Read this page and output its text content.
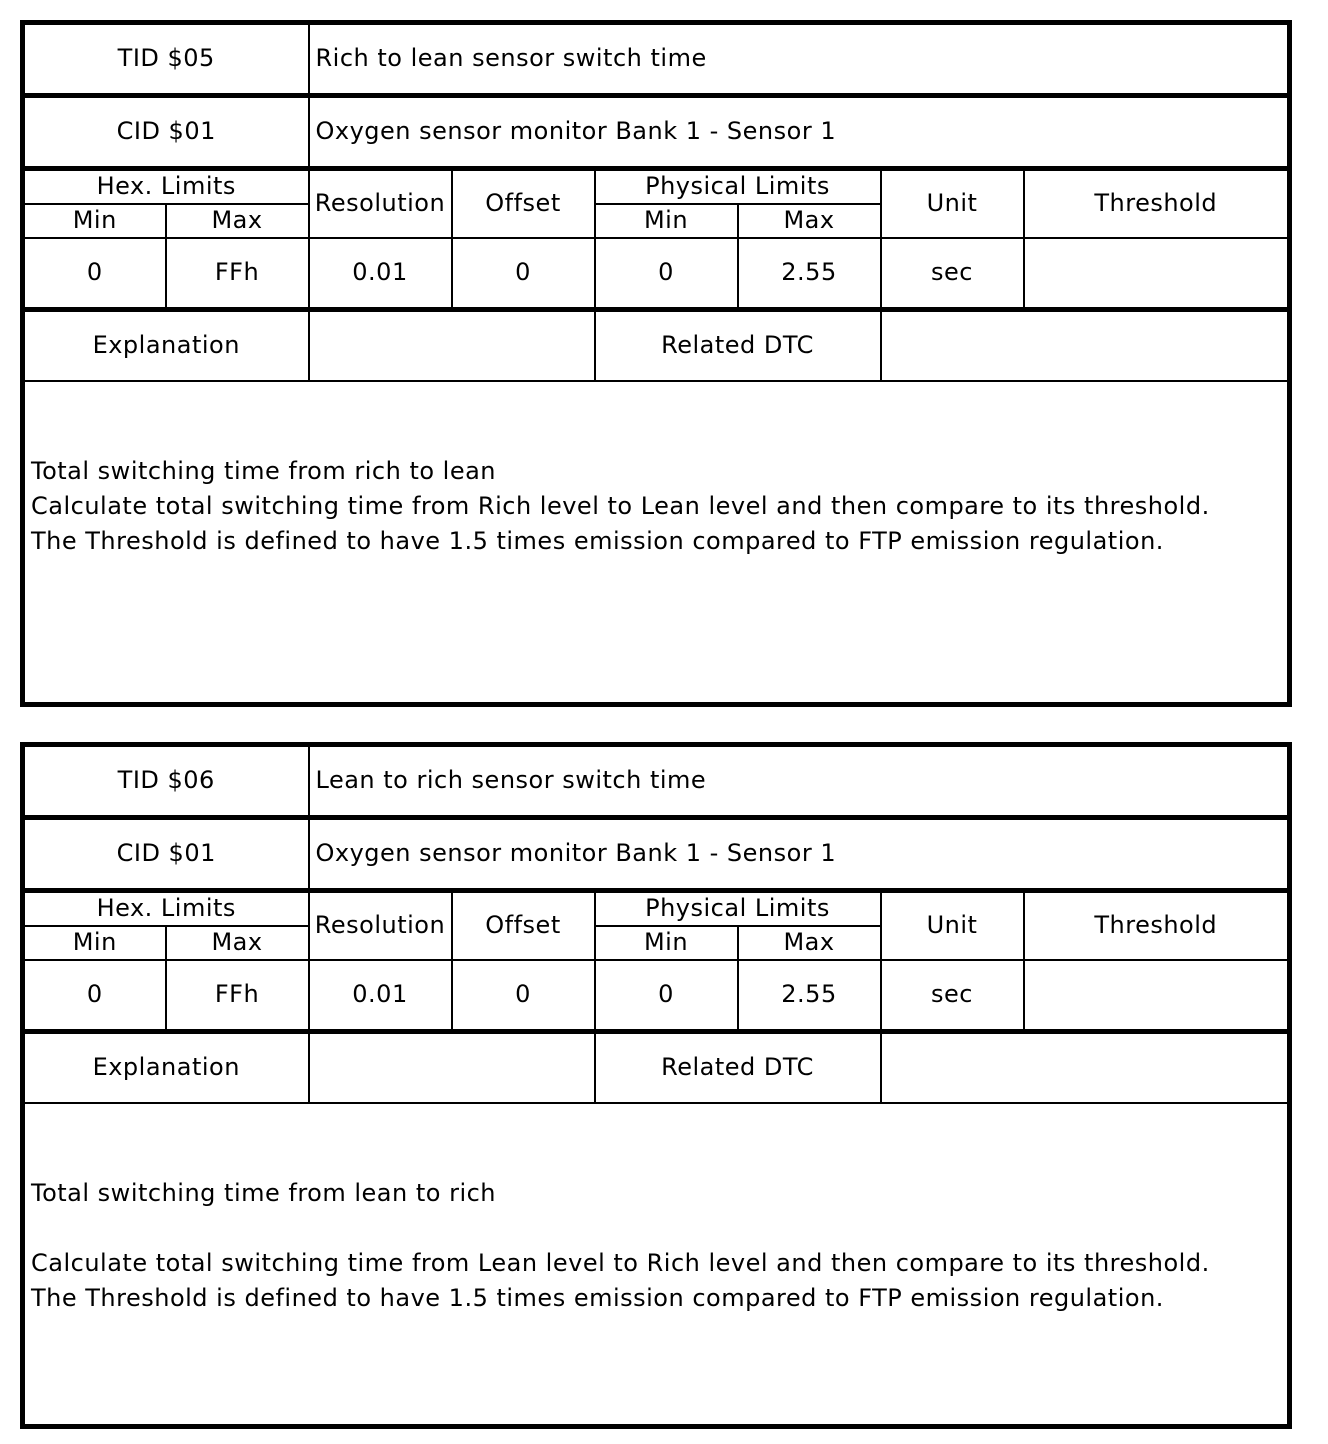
TID $05		Rich to lean sensor switch time					
CID $01		Oxygen sensor monitor Bank 1 - Sensor 1					
Hex. Limits		Resolution	Offset	Physical Limits		Unit	Threshold
Min	Max			Min	Max		
0	FFh	0.01	0	0	2.55	sec	
Explanation				Related DTC			

Total switching time from rich to lean
Calculate total switching time from Rich level to Lean level and then compare to its threshold.
The Threshold is defined to have 1.5 times emission compared to FTP emission regulation.							
TID $06		Lean to rich sensor switch time					
CID $01		Oxygen sensor monitor Bank 1 - Sensor 1					
Hex. Limits		Resolution	Offset	Physical Limits		Unit	Threshold
Min	Max			Min	Max		
0	FFh	0.01	0	0	2.55	sec	
Explanation				Related DTC			

Total switching time from lean to rich
Calculate total switching time from Lean level to Rich level and then compare to its threshold.
The Threshold is defined to have 1.5 times emission compared to FTP emission regulation.							
